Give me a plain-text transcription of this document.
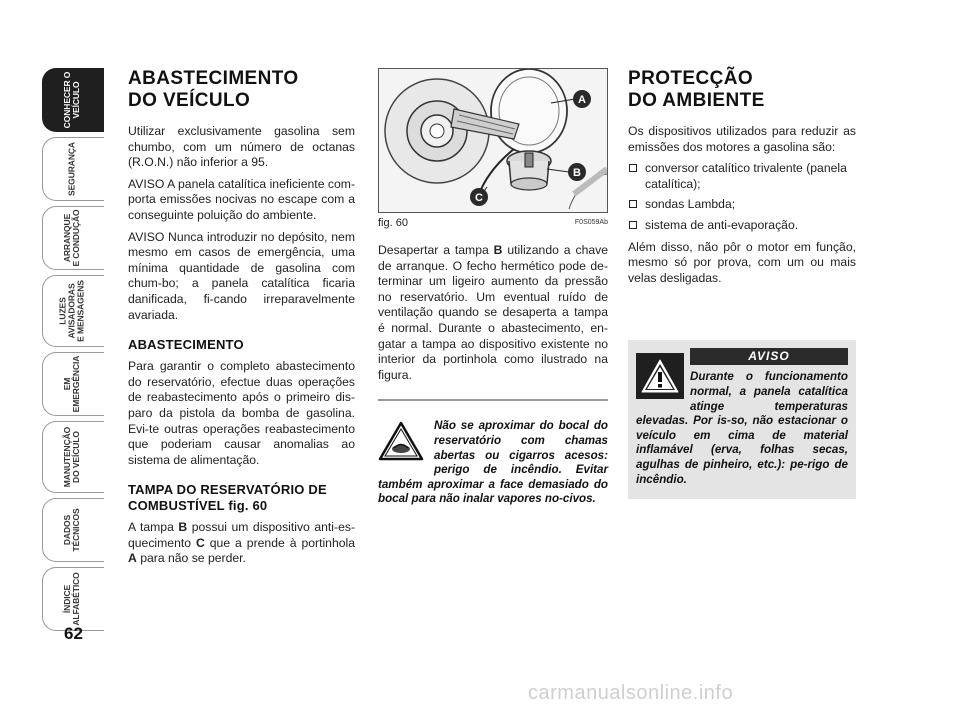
CONHECER O
VEÍCULO
SEGURANÇA
ARRANQUE
E CONDUÇÃO
LUZES
AVISADORAS
E MENSAGENS
EM
EMERGÊNCIA
MANUTENÇÃO
DO VEÍCULO
DADOS
TÉCNICOS
ÍNDICE
ALFABÉTICO
62
ABASTECIMENTO
DO VEÍCULO

Utilizar exclusivamente gasolina sem chumbo, com um número de octanas (R.O.N.) não inferior a 95.

AVISO A panela catalítica ineficiente com-porta emissões nocivas no escape com a conseguinte poluição do ambiente.

AVISO Nunca introduzir no depósito, nem mesmo em casos de emergência, uma mínima quantidade de gasolina com chum-bo; a panela catalítica ficaria danificada, fi-cando irreparavelmente avariada.

ABASTECIMENTO

Para garantir o completo abastecimento do reservatório, efectue duas operações de reabastecimento após o primeiro dis-paro da pistola da bomba de gasolina. Evi-te outras operações reabastecimento que poderiam causar anomalias ao sistema de alimentação.

TAMPA DO RESERVATÓRIO DE COMBUSTÍVEL fig. 60

A tampa B possui um dispositivo anti-es-quecimento C que a prende à portinhola A para não se perder.

A
B
C
fig. 60	F0S059Ab

Desapertar a tampa B utilizando a chave de arranque. O fecho hermético pode de-terminar um ligeiro aumento da pressão no reservatório. Um eventual ruído de ventilação quando se desaperta a tampa é normal. Durante o abastecimento, en-gatar a tampa ao dispositivo existente no interior da portinhola como ilustrado na figura.

Não se aproximar do bocal do reservatório com chamas abertas ou cigarros acesos: perigo de incêndio. Evitar também aproximar a face demasiado do bocal para não inalar vapores no-civos.
PROTECÇÃO
DO AMBIENTE

Os dispositivos utilizados para reduzir as emissões dos motores a gasolina são:

conversor catalítico trivalente (panela catalítica);
sondas Lambda;
sistema de anti-evaporação.

Além disso, não pôr o motor em função, mesmo só por prova, com um ou mais velas desligadas.

AVISO
Durante o funcionamento normal, a panela catalítica atinge temperaturas elevadas. Por is-so, não estacionar o veículo em cima de material inflamável (erva, folhas secas, agulhas de pinheiro, etc.): pe-rigo de incêndio.
carmanualsonline.info
